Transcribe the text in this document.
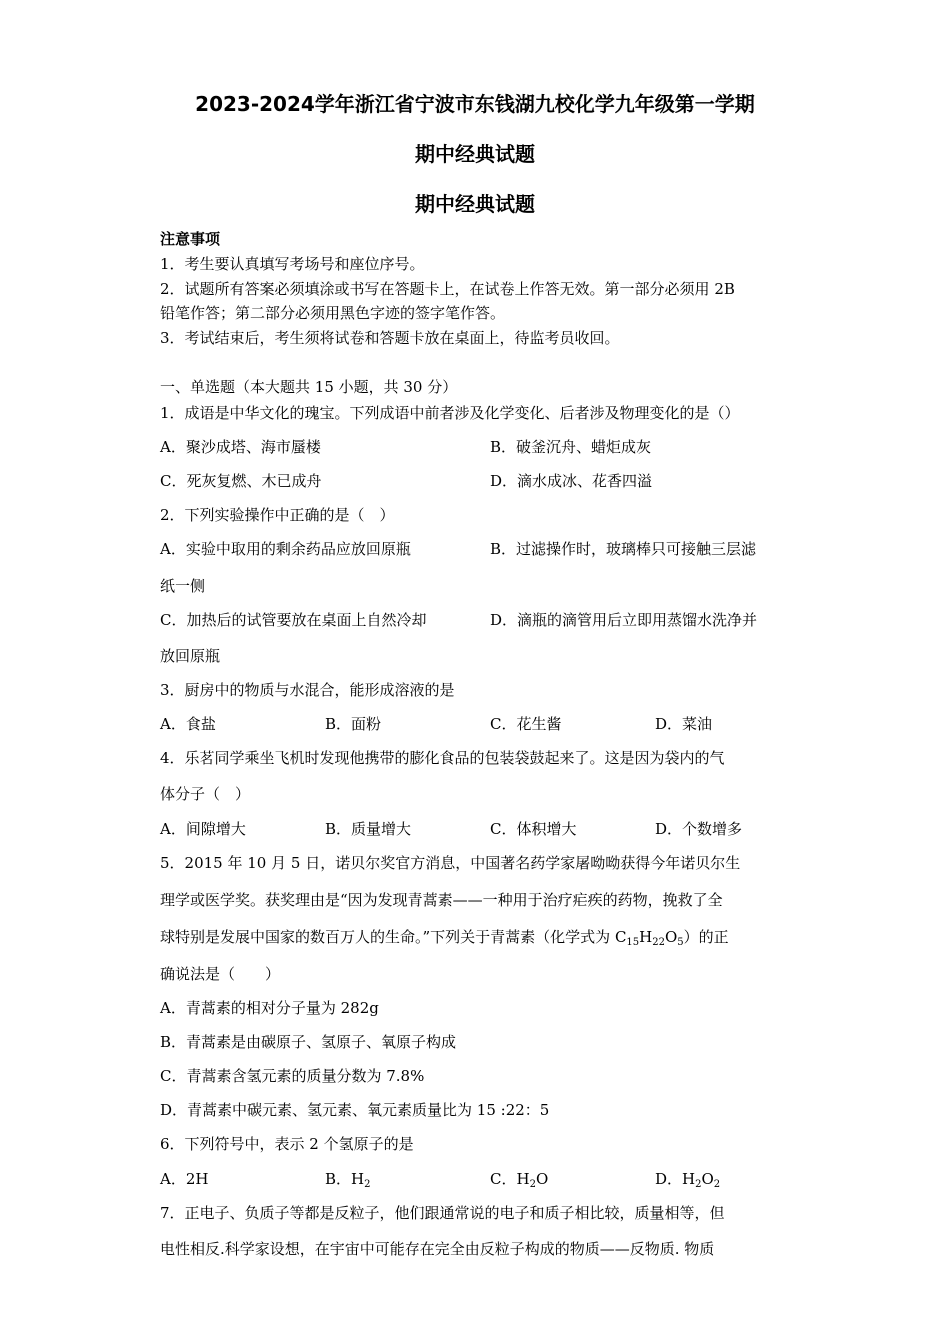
2023-2024学年浙江省宁波市东钱湖九校化学九年级第一学期
期中经典试题
期中经典试题
注意事项
1．考生要认真填写考场号和座位序号。
2．试题所有答案必须填涂或书写在答题卡上，在试卷上作答无效。第一部分必须用 2B
铅笔作答；第二部分必须用黑色字迹的签字笔作答。
3．考试结束后，考生须将试卷和答题卡放在桌面上，待监考员收回。
一、单选题（本大题共 15 小题，共 30 分）
1．成语是中华文化的瑰宝。下列成语中前者涉及化学变化、后者涉及物理变化的是（）
A．聚沙成塔、海市蜃楼	B．破釜沉舟、蜡炬成灰
C．死灰复燃、木已成舟	D．滴水成冰、花香四溢
2．下列实验操作中正确的是（　）
A．实验中取用的剩余药品应放回原瓶	B．过滤操作时，玻璃棒只可接触三层滤
纸一侧
C．加热后的试管要放在桌面上自然冷却	D．滴瓶的滴管用后立即用蒸馏水洗净并
放回原瓶
3．厨房中的物质与水混合，能形成溶液的是
A．食盐	B．面粉	C．花生酱	D．菜油
4．乐茗同学乘坐飞机时发现他携带的膨化食品的包装袋鼓起来了。这是因为袋内的气
体分子（　）
A．间隙增大	B．质量增大	C．体积增大	D．个数增多
5．2015 年 10 月 5 日，诺贝尔奖官方消息，中国著名药学家屠呦呦获得今年诺贝尔生
理学或医学奖。获奖理由是“因为发现青蒿素——一种用于治疗疟疾的药物，挽救了全
球特别是发展中国家的数百万人的生命。”下列关于青蒿素（化学式为 $C_{15}H_{22}O_5$）的正
确说法是（　　）
A．青蒿素的相对分子量为 282g
B．青蒿素是由碳原子、氢原子、氧原子构成
C．青蒿素含氢元素的质量分数为 7.8%
D．青蒿素中碳元素、氢元素、氧元素质量比为 15 :22：5
6．下列符号中，表示 2 个氢原子的是
A．2H	B．$H_2$	C．$H_2O$	D．$H_2O_2$
7．正电子、负质子等都是反粒子，他们跟通常说的电子和质子相比较，质量相等，但
电性相反.科学家设想，在宇宙中可能存在完全由反粒子构成的物质——反物质. 物质
